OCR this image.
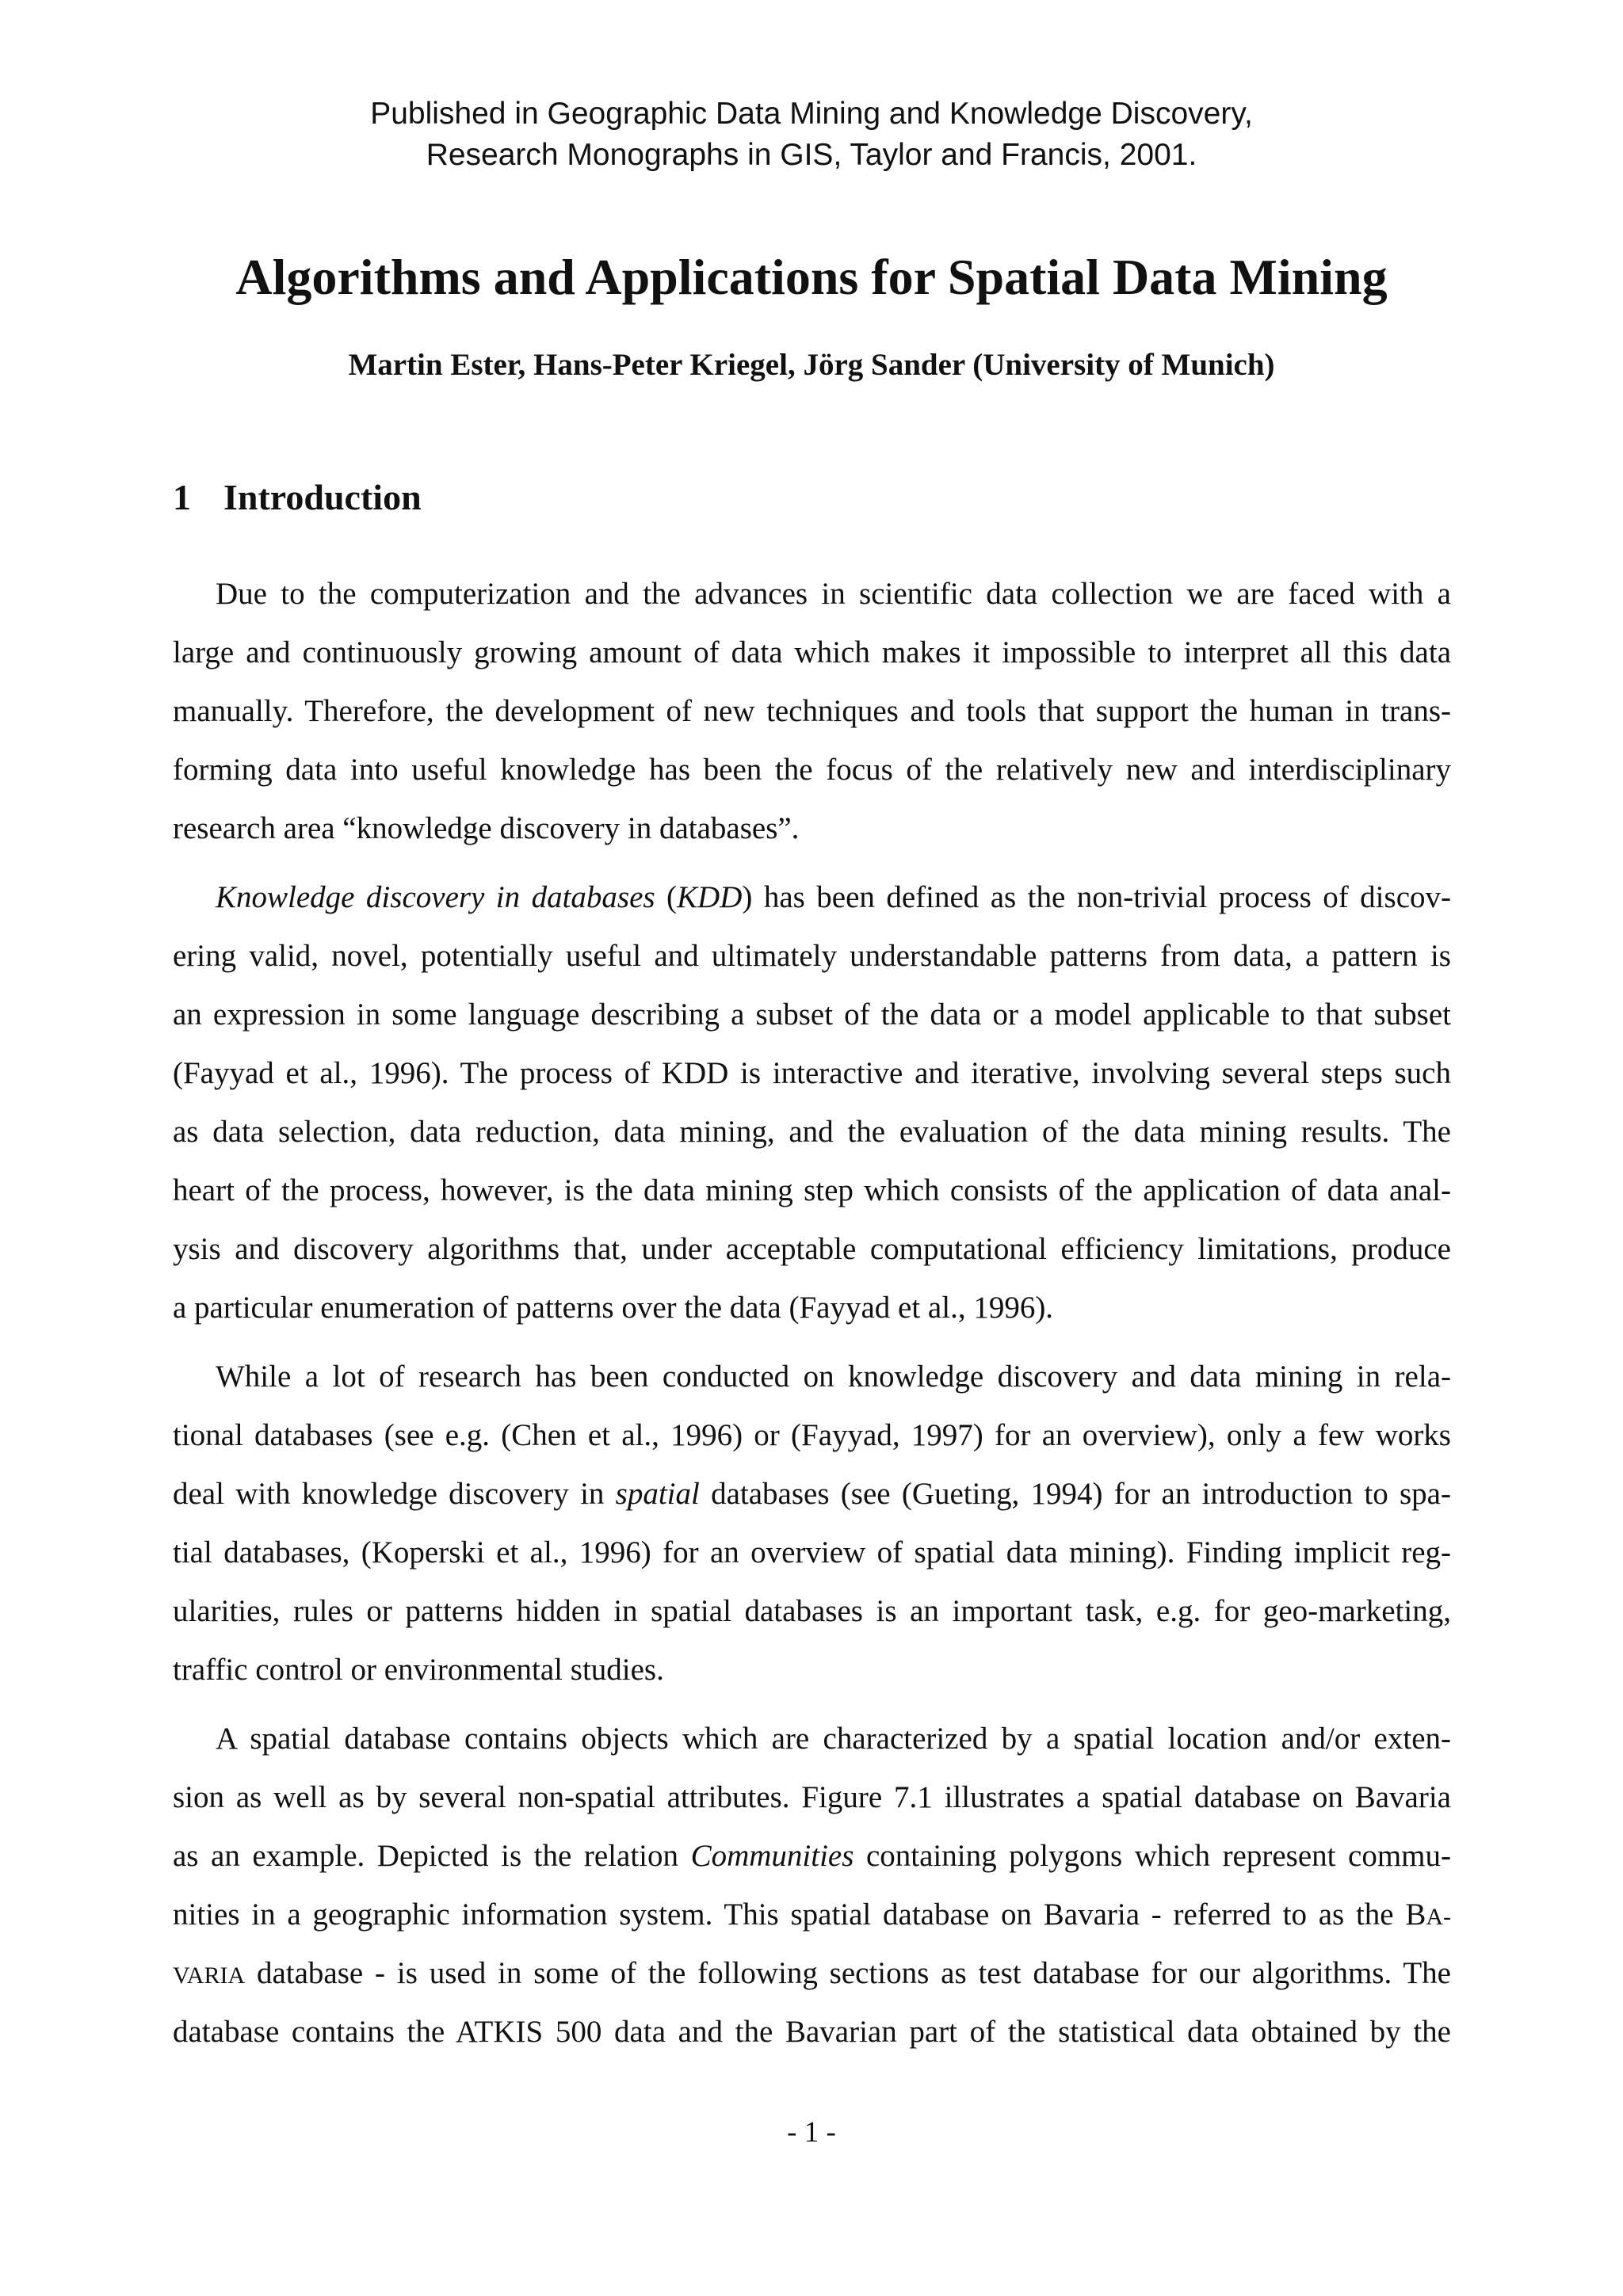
Published in Geographic Data Mining and Knowledge Discovery,
Research Monographs in GIS, Taylor and Francis, 2001.
Algorithms and Applications for Spatial Data Mining
Martin Ester, Hans-Peter Kriegel, Jörg Sander (University of Munich)
1 Introduction
Due to the computerization and the advances in scientific data collection we are faced with a
large and continuously growing amount of data which makes it impossible to interpret all this data
manually. Therefore, the development of new techniques and tools that support the human in trans-
forming data into useful knowledge has been the focus of the relatively new and interdisciplinary
research area “knowledge discovery in databases”.
Knowledge discovery in databases (KDD) has been defined as the non-trivial process of discov-
ering valid, novel, potentially useful and ultimately understandable patterns from data, a pattern is
an expression in some language describing a subset of the data or a model applicable to that subset
(Fayyad et al., 1996). The process of KDD is interactive and iterative, involving several steps such
as data selection, data reduction, data mining, and the evaluation of the data mining results. The
heart of the process, however, is the data mining step which consists of the application of data anal-
ysis and discovery algorithms that, under acceptable computational efficiency limitations, produce
a particular enumeration of patterns over the data (Fayyad et al., 1996).
While a lot of research has been conducted on knowledge discovery and data mining in rela-
tional databases (see e.g. (Chen et al., 1996) or (Fayyad, 1997) for an overview), only a few works
deal with knowledge discovery in spatial databases (see (Gueting, 1994) for an introduction to spa-
tial databases, (Koperski et al., 1996) for an overview of spatial data mining). Finding implicit reg-
ularities, rules or patterns hidden in spatial databases is an important task, e.g. for geo-marketing,
traffic control or environmental studies.
A spatial database contains objects which are characterized by a spatial location and/or exten-
sion as well as by several non-spatial attributes. Figure 7.1 illustrates a spatial database on Bavaria
as an example. Depicted is the relation Communities containing polygons which represent commu-
nities in a geographic information system. This spatial database on Bavaria - referred to as the BA-
VARIA database - is used in some of the following sections as test database for our algorithms. The
database contains the ATKIS 500 data and the Bavarian part of the statistical data obtained by the
- 1 -
